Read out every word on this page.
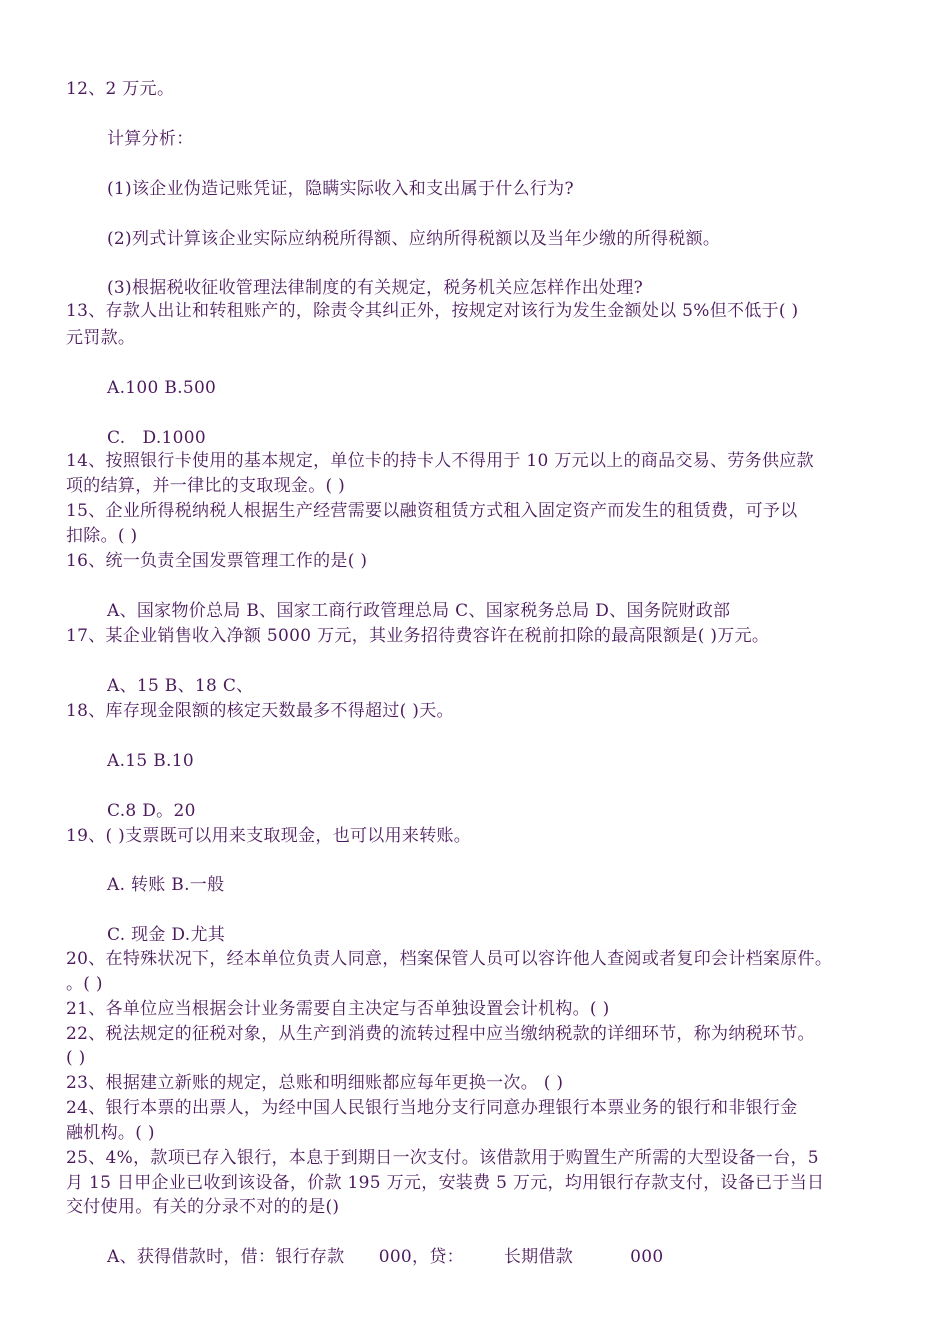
12、2 万元。
计算分析：
(1)该企业伪造记账凭证，隐瞒实际收入和支出属于什么行为?
(2)列式计算该企业实际应纳税所得额、应纳所得税额以及当年少缴的所得税额。
(3)根据税收征收管理法律制度的有关规定，税务机关应怎样作出处理?
13、存款人出让和转租账产的，除责令其纠正外，按规定对该行为发生金额处以 5%但不低于( )
元罚款。
A.100 B.500
C.   D.1000
14、按照银行卡使用的基本规定，单位卡的持卡人不得用于 10 万元以上的商品交易、劳务供应款
项的结算，并一律比的支取现金。( )
15、企业所得税纳税人根据生产经营需要以融资租赁方式租入固定资产而发生的租赁费，可予以
扣除。( )
16、统一负责全国发票管理工作的是( )
A、国家物价总局 B、国家工商行政管理总局 C、国家税务总局 D、国务院财政部
17、某企业销售收入净额 5000 万元，其业务招待费容许在税前扣除的最高限额是( )万元。
A、15 B、18 C、
18、库存现金限额的核定天数最多不得超过( )天。
A.15 B.10
C.8 D。20
19、( )支票既可以用来支取现金，也可以用来转账。
A. 转账 B.一般
C. 现金 D.尤其
20、在特殊状况下，经本单位负责人同意，档案保管人员可以容许他人查阅或者复印会计档案原件。
。( )
21、各单位应当根据会计业务需要自主决定与否单独设置会计机构。( )
22、税法规定的征税对象，从生产到消费的流转过程中应当缴纳税款的详细环节，称为纳税环节。
( )
23、根据建立新账的规定，总账和明细账都应每年更换一次。 ( )
24、银行本票的出票人，为经中国人民银行当地分支行同意办理银行本票业务的银行和非银行金
融机构。( )
25、4%，款项已存入银行，本息于到期日一次支付。该借款用于购置生产所需的大型设备一台，5
月 15 日甲企业已收到该设备，价款 195 万元，安装费 5 万元，均用银行存款支付，设备已于当日
交付使用。有关的分录不对的的是()
A、获得借款时，借：银行存款      000，贷：       长期借款          000
